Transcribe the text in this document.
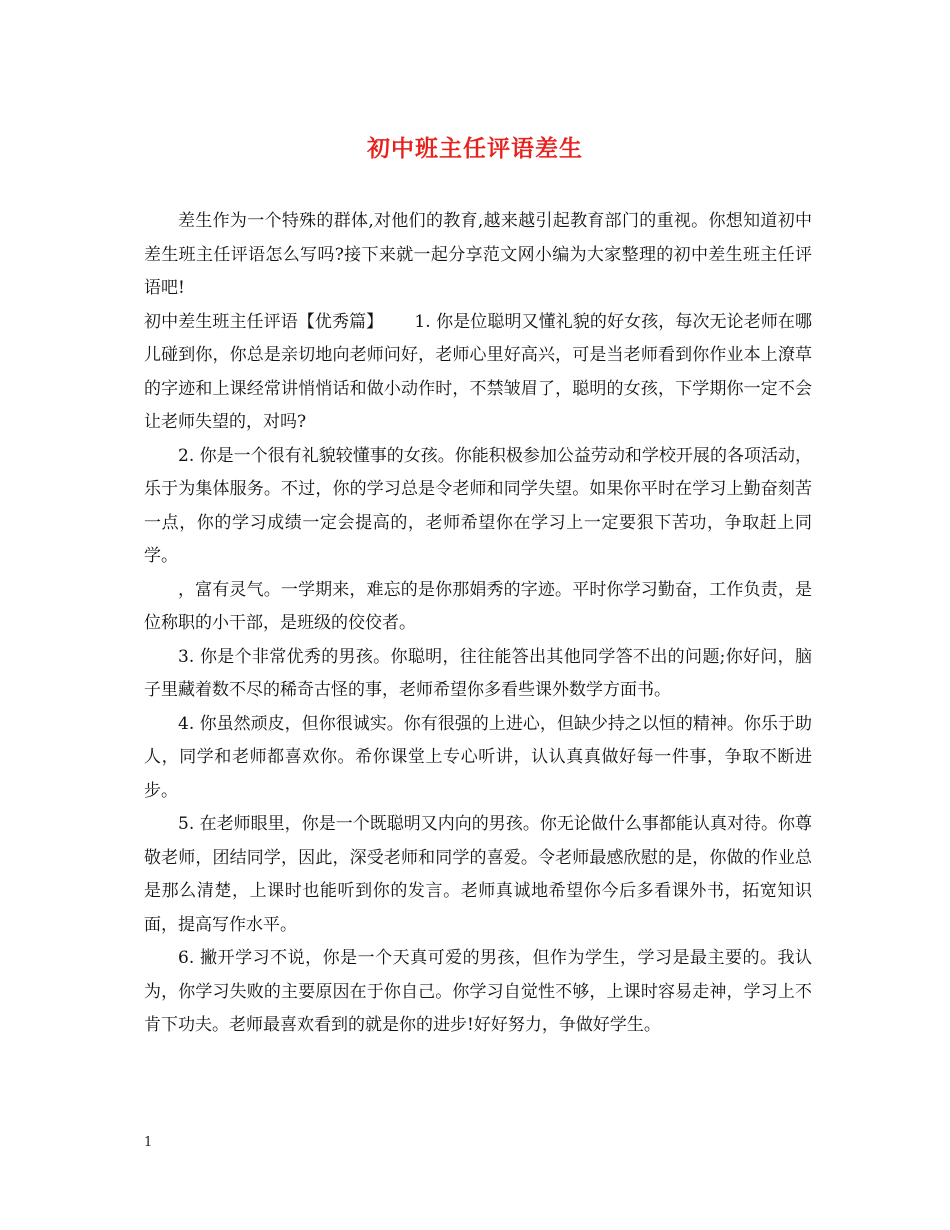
初中班主任评语差生

差生作为一个特殊的群体,对他们的教育,越来越引起教育部门的重视。你想知道初中差生班主任评语怎么写吗?接下来就一起分享范文网小编为大家整理的初中差生班主任评语吧!

初中差生班主任评语【优秀篇】　　 1. 你是位聪明又懂礼貌的好女孩，每次无论老师在哪儿碰到你，你总是亲切地向老师问好，老师心里好高兴，可是当老师看到你作业本上潦草的字迹和上课经常讲悄悄话和做小动作时，不禁皱眉了，聪明的女孩，下学期你一定不会让老师失望的，对吗?

2. 你是一个很有礼貌较懂事的女孩。你能积极参加公益劳动和学校开展的各项活动，乐于为集体服务。不过，你的学习总是令老师和同学失望。如果你平时在学习上勤奋刻苦一点，你的学习成绩一定会提高的，老师希望你在学习上一定要狠下苦功，争取赶上同学。

，富有灵气。一学期来，难忘的是你那娟秀的字迹。平时你学习勤奋，工作负责，是位称职的小干部，是班级的佼佼者。

3. 你是个非常优秀的男孩。你聪明，往往能答出其他同学答不出的问题;你好问，脑子里藏着数不尽的稀奇古怪的事，老师希望你多看些课外数学方面书。

4. 你虽然顽皮，但你很诚实。你有很强的上进心，但缺少持之以恒的精神。你乐于助人，同学和老师都喜欢你。希你课堂上专心听讲，认认真真做好每一件事，争取不断进步。

5. 在老师眼里，你是一个既聪明又内向的男孩。你无论做什么事都能认真对待。你尊敬老师，团结同学，因此，深受老师和同学的喜爱。令老师最感欣慰的是，你做的作业总是那么清楚，上课时也能听到你的发言。老师真诚地希望你今后多看课外书，拓宽知识面，提高写作水平。

6. 撇开学习不说，你是一个天真可爱的男孩，但作为学生，学习是最主要的。我认为，你学习失败的主要原因在于你自己。你学习自觉性不够，上课时容易走神，学习上不肯下功夫。老师最喜欢看到的就是你的进步!好好努力，争做好学生。

1
